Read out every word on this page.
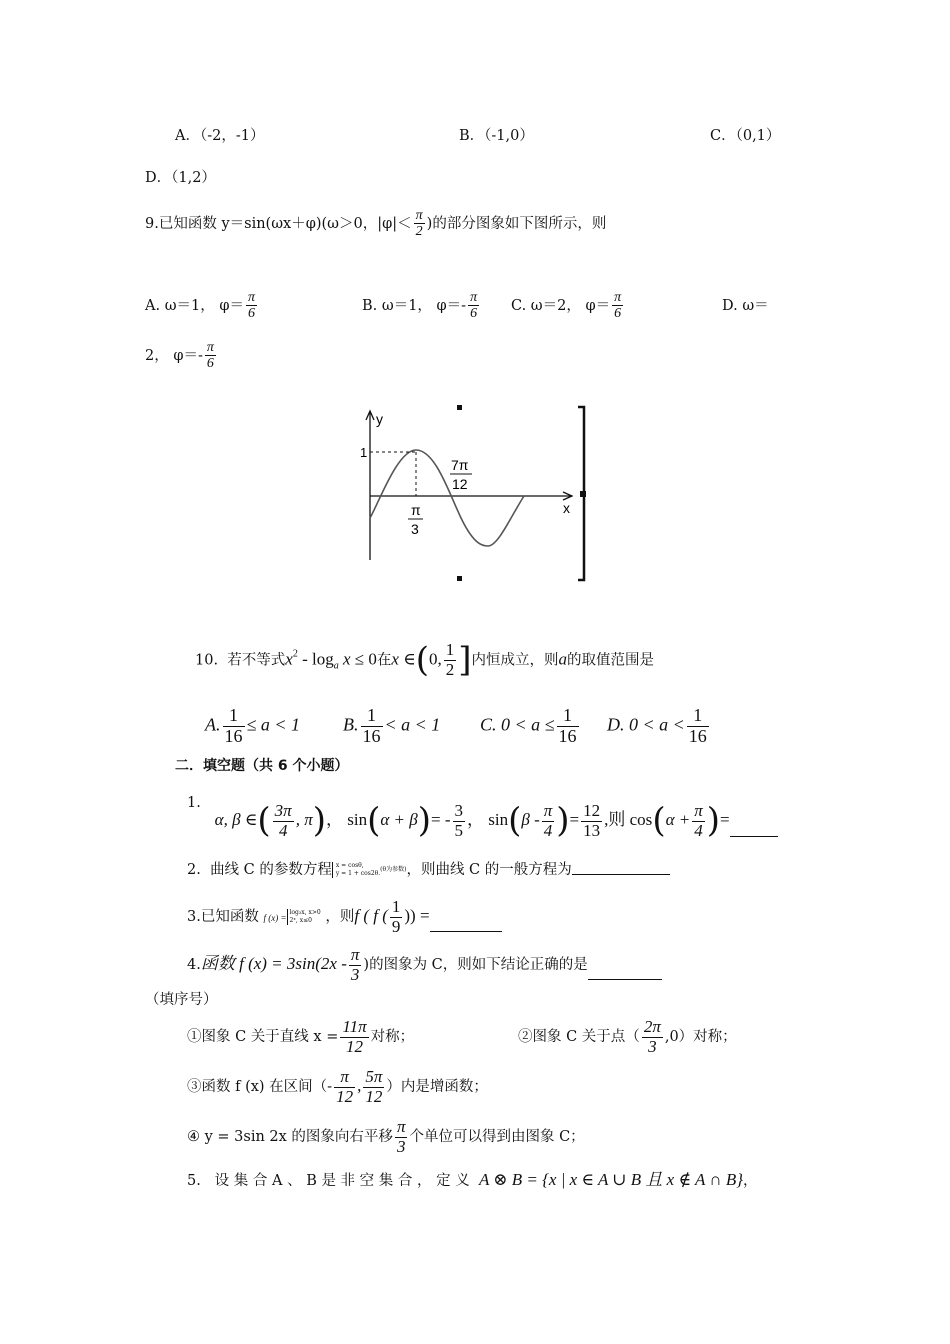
A．（-2，-1）	B．（-1,0）	C．（0,1）
D．（1,2）
9.已知函数 y＝sin(ωx＋φ)(ω＞0，$|\varphi|< \frac{\pi}{2}$ )的部分图象如下图所示，则
A. ω＝1， $\varphi= \frac{\pi}{6}$	B. ω＝1， $\varphi=- \frac{\pi}{6} C$. ω＝2， $\varphi= \frac{\pi}{6}$	D. ω＝
2， $\varphi=- \frac{\pi}{6}$
y
1
x
7π
12
π
3
10. 若不等式$x^2 - \log_a x \le 0$在x ∈(0, $\frac{1}{2}$ ]内恒成立，则a的取值范围是
A. $\frac{1}{16} \le a < 1$ B. $\frac{1}{16} < a < 1$ C. $0 < a \le \frac{1}{16} D$. $0 < a < \frac{1}{16}$
二．填空题（共 6 个小题）
1.   α, β ∈( $\frac{3\pi}{4}$ , π)， $\sin(\alpha + \beta)= - \frac{3}{5}$ ， $\sin(\beta - \frac{\pi}{4}$ )= $\frac{12}{13}$ ,则 $\cos(\alpha + \frac{\pi}{4}$ )=
2. 曲线 C 的参数方程 x = cosθ,
y = 1 + cos2θ.(θ为参数)，则曲线 C 的一般方程为
3.已知函数 f (x) =log₃x, x>0
2ˣ, x≤0 ，则f ( f ( $\frac{1}{9}$ )) =
4.函数 f $(x) = 3\sin(2x - \frac{\pi}{3}$ )的图象为 C，则如下结论正确的是
（填序号）
①图象 C 关于直线 $x = \frac{11\pi}{12}$ 对称；	②图象 C 关于点（ $\frac{2\pi}{3} ,0$）对称；
③函数 f (x) 在区间（- $\frac{\pi}{12}$ , $\frac{5\pi}{12}$ ）内是增函数；
④ y = 3sin 2x 的图象向右平移 $\frac{\pi}{3}$ 个单位可以得到由图象 C；
5. 设 集 合 A 、 B 是 非 空 集 合 ， 定 义 A ⊗ B = {x | x ∈ A ∪ B 且 x ∉ A ∩ B}，
